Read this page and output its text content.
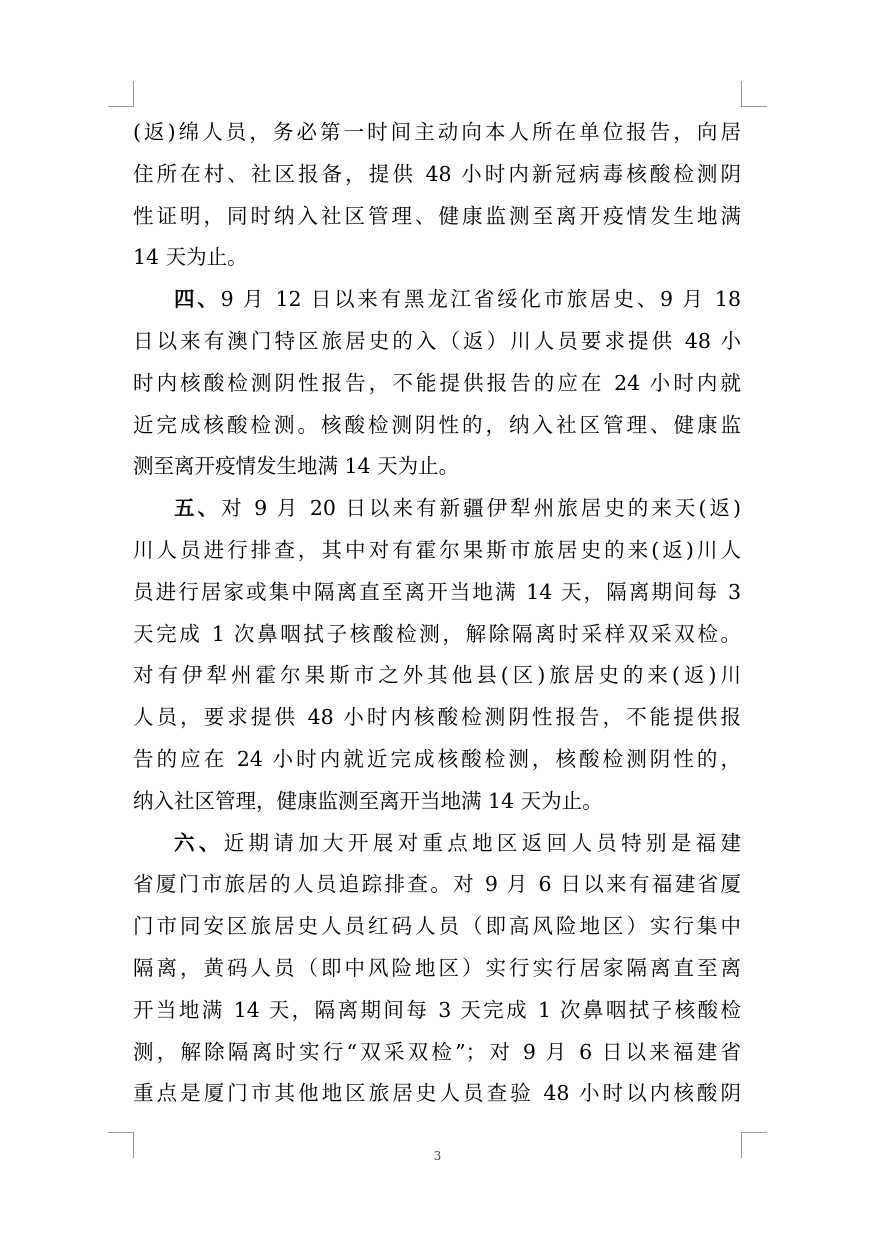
(返)绵人员，务必第一时间主动向本人所在单位报告，向居
住所在村、社区报备，提供 48 小时内新冠病毒核酸检测阴
性证明，同时纳入社区管理、健康监测至离开疫情发生地满
14 天为止。
四、9 月 12 日以来有黑龙江省绥化市旅居史、9 月 18
日以来有澳门特区旅居史的入（返）川人员要求提供 48 小
时内核酸检测阴性报告，不能提供报告的应在 24 小时内就
近完成核酸检测。核酸检测阴性的，纳入社区管理、健康监
测至离开疫情发生地满 14 天为止。
五、对 9 月 20 日以来有新疆伊犁州旅居史的来天(返)
川人员进行排查，其中对有霍尔果斯市旅居史的来(返)川人
员进行居家或集中隔离直至离开当地满 14 天，隔离期间每 3
天完成 1 次鼻咽拭子核酸检测，解除隔离时采样双采双检。
对有伊犁州霍尔果斯市之外其他县(区)旅居史的来(返)川
人员，要求提供 48 小时内核酸检测阴性报告，不能提供报
告的应在 24 小时内就近完成核酸检测，核酸检测阴性的，
纳入社区管理，健康监测至离开当地满 14 天为止。
六、近期请加大开展对重点地区返回人员特别是福建
省厦门市旅居的人员追踪排查。对 9 月 6 日以来有福建省厦
门市同安区旅居史人员红码人员（即高风险地区）实行集中
隔离，黄码人员（即中风险地区）实行实行居家隔离直至离
开当地满 14 天，隔离期间每 3 天完成 1 次鼻咽拭子核酸检
测，解除隔离时实行“双采双检”；对 9 月 6 日以来福建省
重点是厦门市其他地区旅居史人员查验 48 小时以内核酸阴
3
